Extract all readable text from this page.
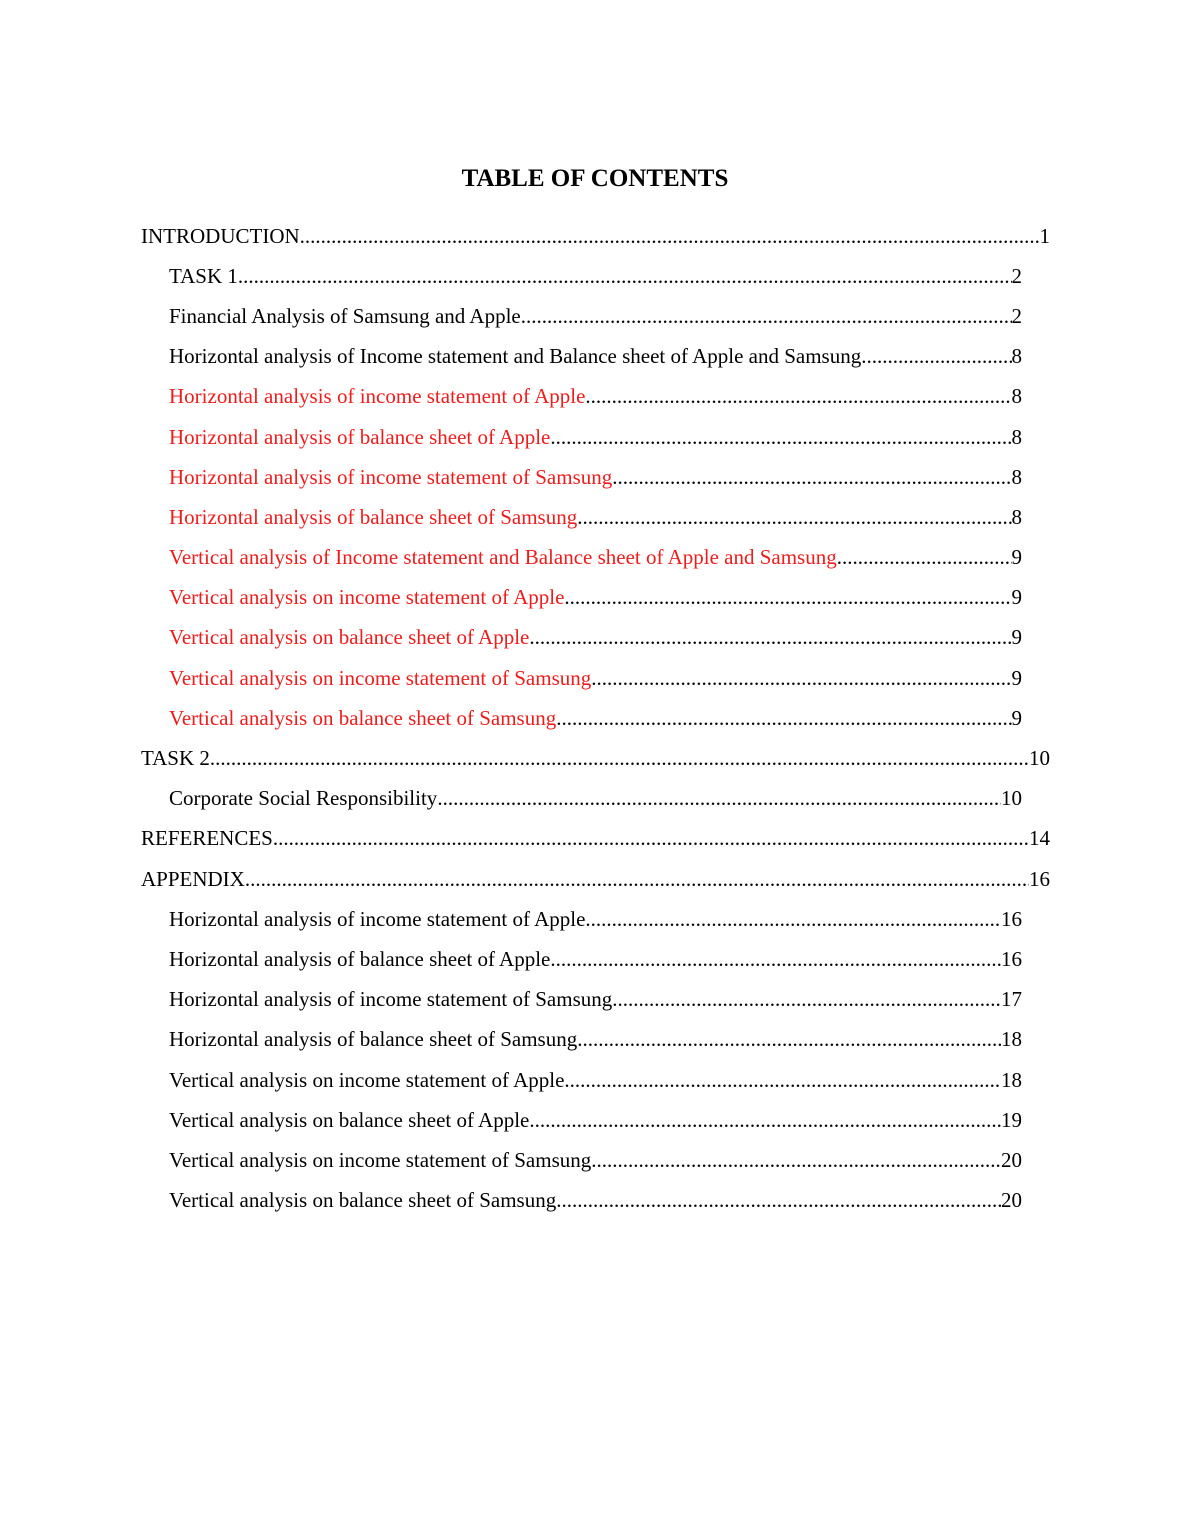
TABLE OF CONTENTS
INTRODUCTION .....	1
TASK 1 .....	2
Financial Analysis of Samsung and Apple .....	2
Horizontal analysis of Income statement and Balance sheet of Apple and Samsung .....	8
Horizontal analysis of income statement of Apple .....	8
Horizontal analysis of balance sheet of Apple .....	8
Horizontal analysis of income statement of Samsung .....	8
Horizontal analysis of balance sheet of Samsung .....	8
Vertical analysis of Income statement and Balance sheet of Apple and Samsung .....	9
Vertical analysis on income statement of Apple .....	9
Vertical analysis on balance sheet of Apple .....	9
Vertical analysis on income statement of Samsung .....	9
Vertical analysis on balance sheet of Samsung .....	9
TASK 2 .....	10
Corporate Social Responsibility .....	10
REFERENCES .....	14
APPENDIX .....	16
Horizontal analysis of income statement of Apple .....	16
Horizontal analysis of balance sheet of Apple .....	16
Horizontal analysis of income statement of Samsung .....	17
Horizontal analysis of balance sheet of Samsung .....	18
Vertical analysis on income statement of Apple .....	18
Vertical analysis on balance sheet of Apple .....	19
Vertical analysis on income statement of Samsung .....	20
Vertical analysis on balance sheet of Samsung .....	20
